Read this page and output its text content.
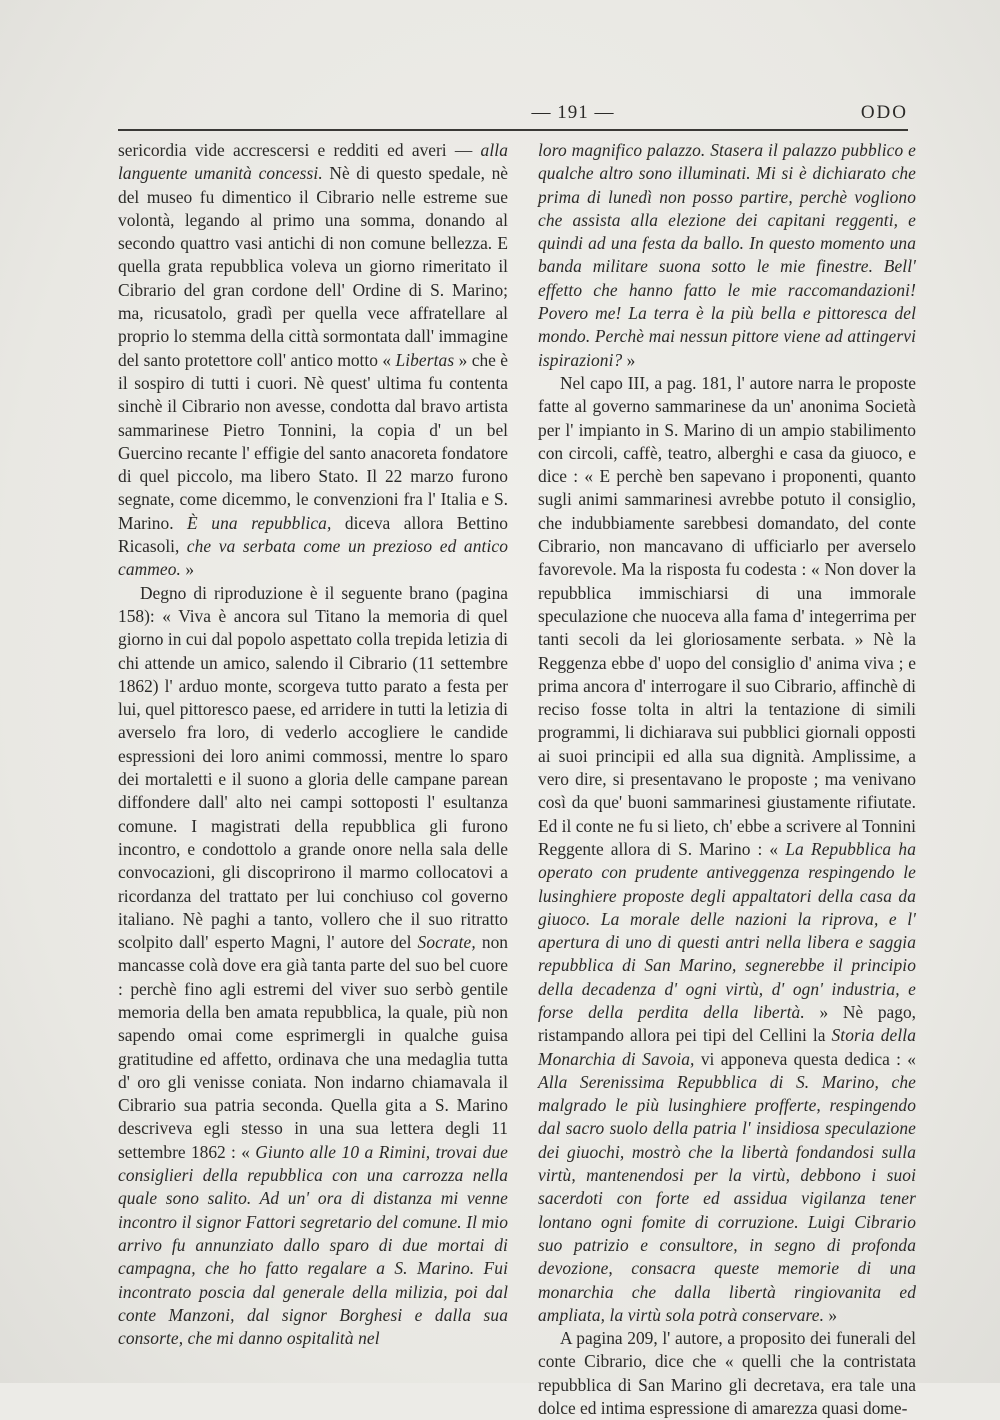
— 191 —	ODO

sericordia vide accrescersi e redditi ed averi — alla languente umanità concessi. Nè di questo spedale, nè del museo fu dimentico il Cibrario nelle estreme sue volontà, legando al primo una somma, donando al secondo quattro vasi antichi di non comune bellezza. E quella grata repubblica voleva un giorno rimeritato il Cibrario del gran cordone dell' Ordine di S. Marino; ma, ricusatolo, gradì per quella vece affratellare al proprio lo stemma della città sormontata dall' immagine del santo protettore coll' antico motto « Libertas » che è il sospiro di tutti i cuori. Nè quest' ultima fu contenta sinchè il Cibrario non avesse, condotta dal bravo artista sammarinese Pietro Tonnini, la copia d' un bel Guercino recante l' effigie del santo anacoreta fondatore di quel piccolo, ma libero Stato. Il 22 marzo furono segnate, come dicemmo, le convenzioni fra l' Italia e S. Marino. È una repubblica, diceva allora Bettino Ricasoli, che va serbata come un prezioso ed antico cammeo. »

Degno di riproduzione è il seguente brano (pagina 158): « Viva è ancora sul Titano la memoria di quel giorno in cui dal popolo aspettato colla trepida letizia di chi attende un amico, salendo il Cibrario (11 settembre 1862) l' arduo monte, scorgeva tutto parato a festa per lui, quel pittoresco paese, ed arridere in tutti la letizia di averselo fra loro, di vederlo accogliere le candide espressioni dei loro animi commossi, mentre lo sparo dei mortaletti e il suono a gloria delle campane parean diffondere dall' alto nei campi sottoposti l' esultanza comune. I magistrati della repubblica gli furono incontro, e condottolo a grande onore nella sala delle convocazioni, gli discoprirono il marmo collocatovi a ricordanza del trattato per lui conchiuso col governo italiano. Nè paghi a tanto, vollero che il suo ritratto scolpito dall' esperto Magni, l' autore del Socrate, non mancasse colà dove era già tanta parte del suo bel cuore : perchè fino agli estremi del viver suo serbò gentile memoria della ben amata repubblica, la quale, più non sapendo omai come esprimergli in qualche guisa gratitudine ed affetto, ordinava che una medaglia tutta d' oro gli venisse coniata. Non indarno chiamavala il Cibrario sua patria seconda. Quella gita a S. Marino descriveva egli stesso in una sua lettera degli 11 settembre 1862 : « Giunto alle 10 a Rimini, trovai due consiglieri della repubblica con una carrozza nella quale sono salito. Ad un' ora di distanza mi venne incontro il signor Fattori segretario del comune. Il mio arrivo fu annunziato dallo sparo di due mortai di campagna, che ho fatto regalare a S. Marino. Fui incontrato poscia dal generale della milizia, poi dal conte Manzoni, dal signor Borghesi e dalla sua consorte, che mi danno ospitalità nel

loro magnifico palazzo. Stasera il palazzo pubblico e qualche altro sono illuminati. Mi si è dichiarato che prima di lunedì non posso partire, perchè vogliono che assista alla elezione dei capitani reggenti, e quindi ad una festa da ballo. In questo momento una banda militare suona sotto le mie finestre. Bell' effetto che hanno fatto le mie raccomandazioni! Povero me! La terra è la più bella e pittoresca del mondo. Perchè mai nessun pittore viene ad attingervi ispirazioni? »

Nel capo III, a pag. 181, l' autore narra le proposte fatte al governo sammarinese da un' anonima Società per l' impianto in S. Marino di un ampio stabilimento con circoli, caffè, teatro, alberghi e casa da giuoco, e dice : « E perchè ben sapevano i proponenti, quanto sugli animi sammarinesi avrebbe potuto il consiglio, che indubbiamente sarebbesi domandato, del conte Cibrario, non mancavano di ufficiarlo per averselo favorevole. Ma la risposta fu codesta : « Non dover la repubblica immischiarsi di una immorale speculazione che nuoceva alla fama d' integerrima per tanti secoli da lei gloriosamente serbata. » Nè la Reggenza ebbe d' uopo del consiglio d' anima viva ; e prima ancora d' interrogare il suo Cibrario, affinchè di reciso fosse tolta in altri la tentazione di simili programmi, li dichiarava sui pubblici giornali opposti ai suoi principii ed alla sua dignità. Amplissime, a vero dire, si presentavano le proposte ; ma venivano così da que' buoni sammarinesi giustamente rifiutate. Ed il conte ne fu si lieto, ch' ebbe a scrivere al Tonnini Reggente allora di S. Marino : « La Repubblica ha operato con prudente antiveggenza respingendo le lusinghiere proposte degli appaltatori della casa da giuoco. La morale delle nazioni la riprova, e l' apertura di uno di questi antri nella libera e saggia repubblica di San Marino, segnerebbe il principio della decadenza d' ogni virtù, d' ogn' industria, e forse della perdita della libertà. » Nè pago, ristampando allora pei tipi del Cellini la Storia della Monarchia di Savoia, vi apponeva questa dedica : « Alla Serenissima Repubblica di S. Marino, che malgrado le più lusinghiere profferte, respingendo dal sacro suolo della patria l' insidiosa speculazione dei giuochi, mostrò che la libertà fondandosi sulla virtù, mantenendosi per la virtù, debbono i suoi sacerdoti con forte ed assidua vigilanza tener lontano ogni fomite di corruzione. Luigi Cibrario suo patrizio e consultore, in segno di profonda devozione, consacra queste memorie di una monarchia che dalla libertà ringiovanita ed ampliata, la virtù sola potrà conservare. »

A pagina 209, l' autore, a proposito dei funerali del conte Cibrario, dice che « quelli che la contristata repubblica di San Marino gli decretava, era tale una dolce ed intima espressione di amarezza quasi dome-
